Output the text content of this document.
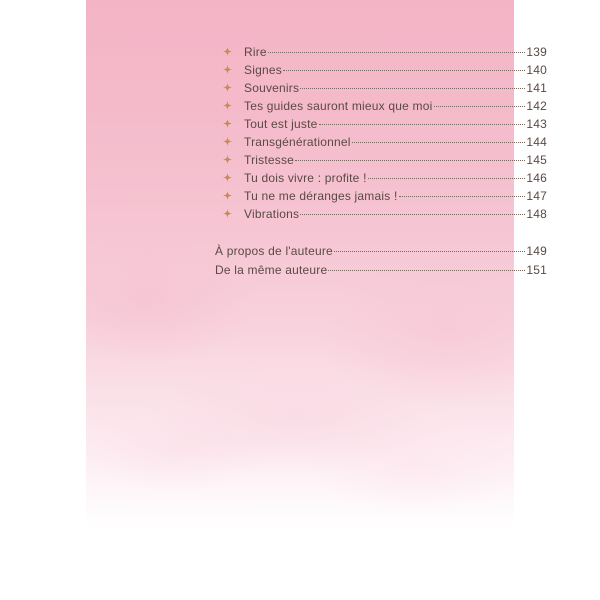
Rire	139
Signes	140
Souvenirs	141
Tes guides sauront mieux que moi	142
Tout est juste	143
Transgénérationnel	144
Tristesse	145
Tu dois vivre : profite !	146
Tu ne me déranges jamais !	147
Vibrations	148
À propos de l'auteure	149
De la même auteure	151
